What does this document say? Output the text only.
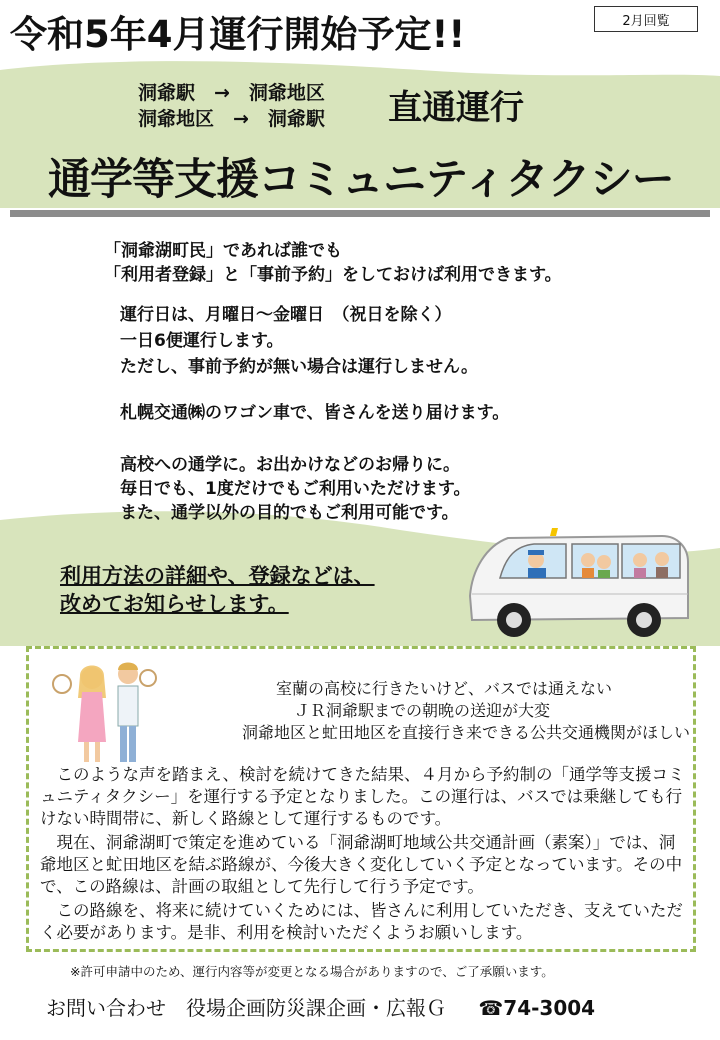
令和5年4月運行開始予定!!	2月回覧
洞爺駅　→　洞爺地区
洞爺地区　→　洞爺駅 直通運行
通学等支援コミュニティタクシー
「洞爺湖町民」であれば誰でも
「利用者登録」と「事前予約」をしておけば利用できます。
運行日は、月曜日～金曜日　（祝日を除く）
一日6便運行します。
ただし、事前予約が無い場合は運行しません。
札幌交通㈱のワゴン車で、皆さんを送り届けます。
高校への通学に。お出かけなどのお帰りに。
毎日でも、1度だけでもご利用いただけます。
また、通学以外の目的でもご利用可能です。
利用方法の詳細や、登録などは、
改めてお知らせします。
室蘭の高校に行きたいけど、バスでは通えない
ＪＲ洞爺駅までの朝晩の送迎が大変
洞爺地区と虻田地区を直接行き来できる公共交通機関がほしい
　このような声を踏まえ、検討を続けてきた結果、４月から予約制の「通学等支援コミュニティタクシー」を運行する予定となりました。この運行は、バスでは乗継しても行けない時間帯に、新しく路線として運行するものです。
　現在、洞爺湖町で策定を進めている「洞爺湖町地域公共交通計画（素案）」では、洞爺地区と虻田地区を結ぶ路線が、今後大きく変化していく予定となっています。その中で、この路線は、計画の取組として先行して行う予定です。
　この路線を、将来に続けていくためには、皆さんに利用していただき、支えていただく必要があります。是非、利用を検討いただくようお願いします。
※許可申請中のため、運行内容等が変更となる場合がありますので、ご了承願います。
お問い合わせ　役場企画防災課企画・広報Ｇ ☎74-3004
